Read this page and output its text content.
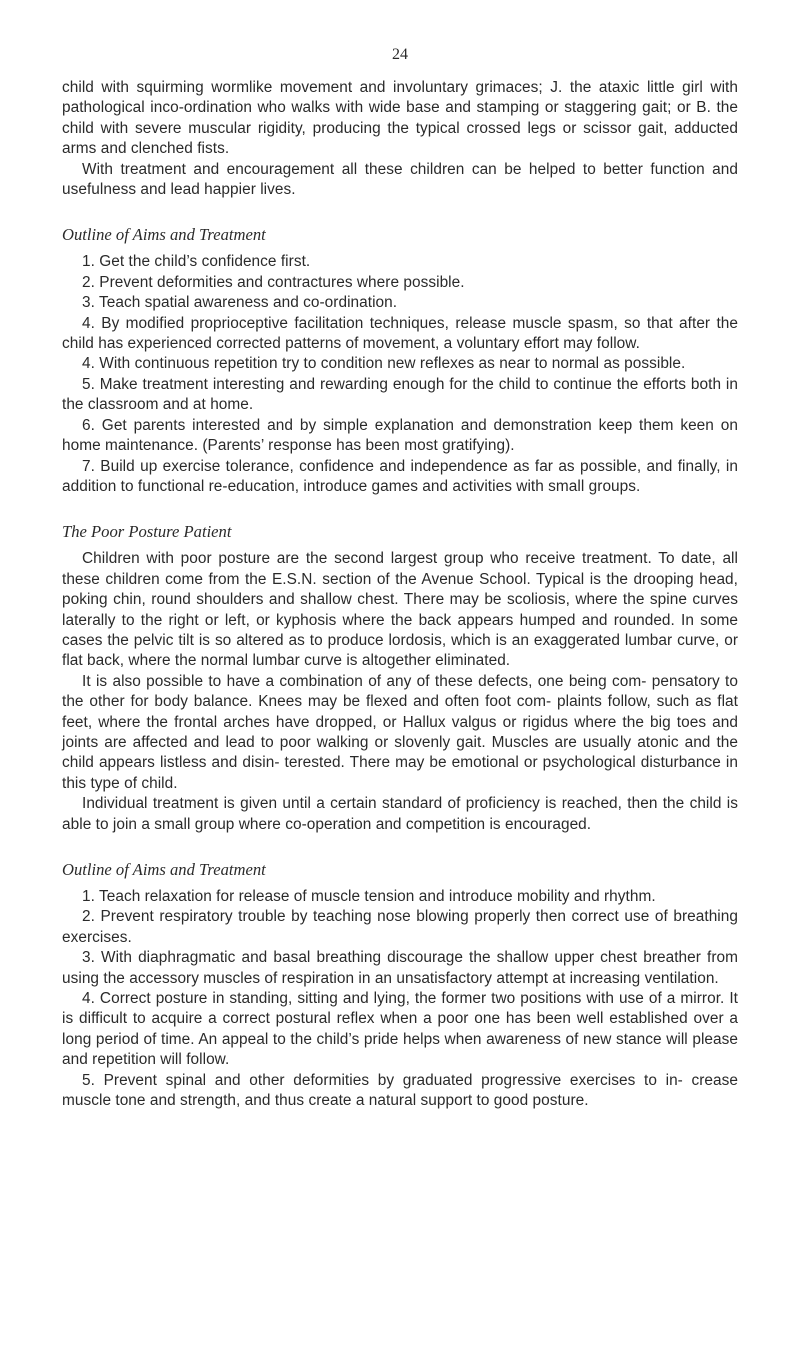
24

child with squirming wormlike movement and involuntary grimaces; J. the ataxic little girl with pathological inco-ordination who walks with wide base and stamping or staggering gait; or B. the child with severe muscular rigidity, producing the typical crossed legs or scissor gait, adducted arms and clenched fists.

With treatment and encouragement all these children can be helped to better function and usefulness and lead happier lives.

Outline of Aims and Treatment

1. Get the child’s confidence first.

2. Prevent deformities and contractures where possible.

3. Teach spatial awareness and co-ordination.

4. By modified proprioceptive facilitation techniques, release muscle spasm, so that after the child has experienced corrected patterns of movement, a voluntary effort may follow.

4. With continuous repetition try to condition new reflexes as near to normal as possible.

5. Make treatment interesting and rewarding enough for the child to continue the efforts both in the classroom and at home.

6. Get parents interested and by simple explanation and demonstration keep them keen on home maintenance. (Parents’ response has been most gratifying).

7. Build up exercise tolerance, confidence and independence as far as possible, and finally, in addition to functional re-education, introduce games and activities with small groups.

The Poor Posture Patient

Children with poor posture are the second largest group who receive treatment. To date, all these children come from the E.S.N. section of the Avenue School. Typical is the drooping head, poking chin, round shoulders and shallow chest. There may be scoliosis, where the spine curves laterally to the right or left, or kyphosis where the back appears humped and rounded. In some cases the pelvic tilt is so altered as to produce lordosis, which is an exaggerated lumbar curve, or flat back, where the normal lumbar curve is altogether eliminated.

It is also possible to have a combination of any of these defects, one being com- pensatory to the other for body balance. Knees may be flexed and often foot com- plaints follow, such as flat feet, where the frontal arches have dropped, or Hallux valgus or rigidus where the big toes and joints are affected and lead to poor walking or slovenly gait. Muscles are usually atonic and the child appears listless and disin- terested. There may be emotional or psychological disturbance in this type of child.

Individual treatment is given until a certain standard of proficiency is reached, then the child is able to join a small group where co-operation and competition is encouraged.

Outline of Aims and Treatment

1. Teach relaxation for release of muscle tension and introduce mobility and rhythm.

2. Prevent respiratory trouble by teaching nose blowing properly then correct use of breathing exercises.

3. With diaphragmatic and basal breathing discourage the shallow upper chest breather from using the accessory muscles of respiration in an unsatisfactory attempt at increasing ventilation.

4. Correct posture in standing, sitting and lying, the former two positions with use of a mirror. It is difficult to acquire a correct postural reflex when a poor one has been well established over a long period of time. An appeal to the child’s pride helps when awareness of new stance will please and repetition will follow.

5. Prevent spinal and other deformities by graduated progressive exercises to in- crease muscle tone and strength, and thus create a natural support to good posture.
